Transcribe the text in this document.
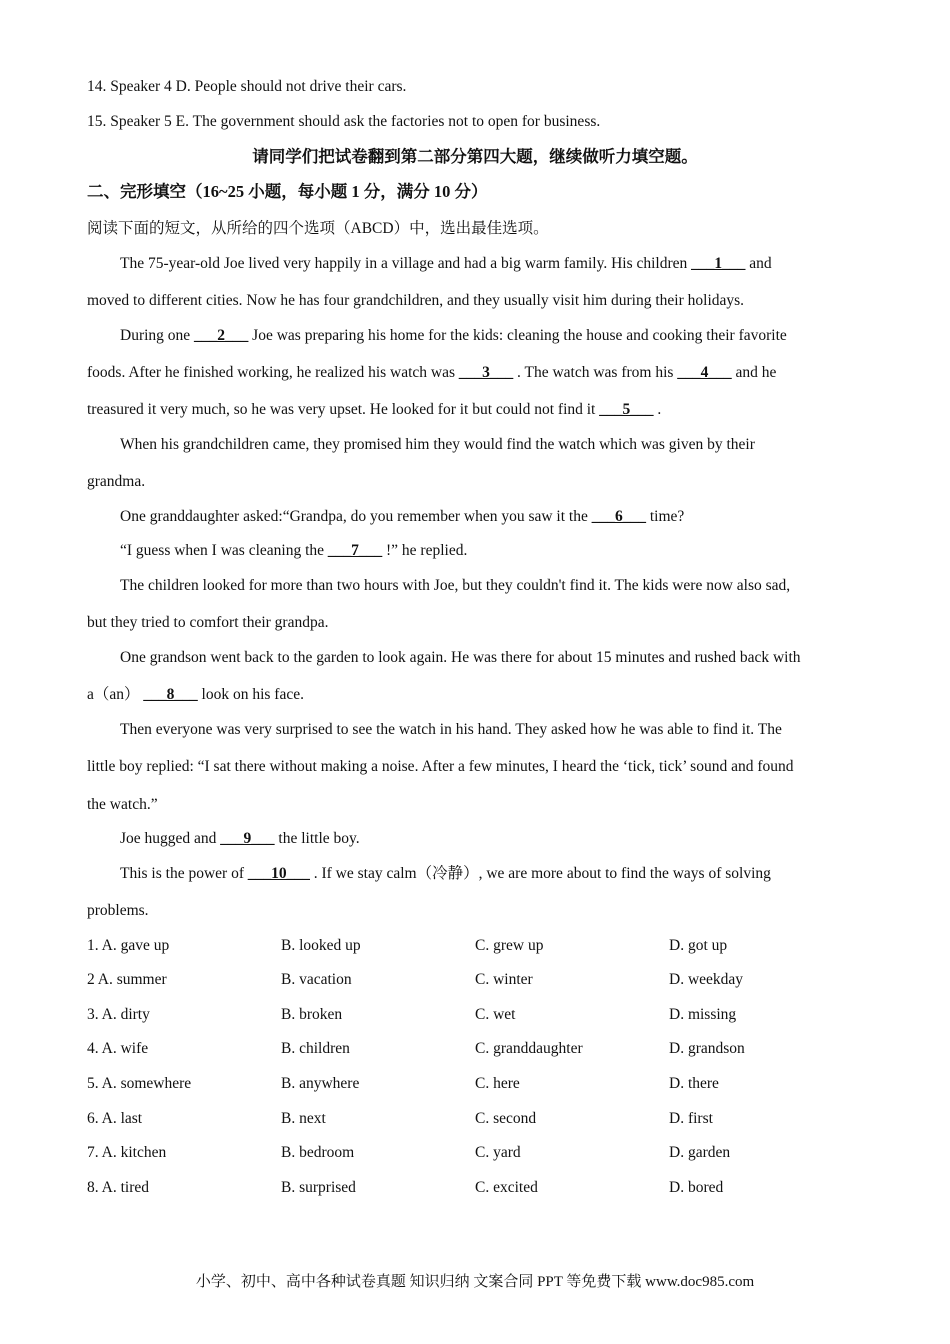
14. Speaker 4 D. People should not drive their cars.
15. Speaker 5 E. The government should ask the factories not to open for business.
请同学们把试卷翻到第二部分第四大题，继续做听力填空题。
二、完形填空（16~25 小题，每小题 1 分，满分 10 分）
阅读下面的短文，从所给的四个选项（ABCD）中，选出最佳选项。
The 75-year-old Joe lived very happily in a village and had a big warm family. His children ___1___ and
moved to different cities. Now he has four grandchildren, and they usually visit him during their holidays.
During one ___2___ Joe was preparing his home for the kids: cleaning the house and cooking their favorite
foods. After he finished working, he realized his watch was ___3___ . The watch was from his ___4___ and he
treasured it very much, so he was very upset. He looked for it but could not find it ___5___ .
When his grandchildren came, they promised him they would find the watch which was given by their
grandma.
One granddaughter asked:“Grandpa, do you remember when you saw it the ___6___ time?
“I guess when I was cleaning the ___7___ !” he replied.
The children looked for more than two hours with Joe, but they couldn't find it. The kids were now also sad,
but they tried to comfort their grandpa.
One grandson went back to the garden to look again. He was there for about 15 minutes and rushed back with
a（an） ___8___ look on his face.
Then everyone was very surprised to see the watch in his hand. They asked how he was able to find it. The
little boy replied: “I sat there without making a noise. After a few minutes, I heard the ‘tick, tick’ sound and found
the watch.”
Joe hugged and ___9___ the little boy.
This is the power of ___10___ . If we stay calm（冷静）, we are more about to find the ways of solving
problems.
1. A. gave up	B. looked up	C. grew up	D. got up
2 A. summer	B. vacation	C. winter	D. weekday
3. A. dirty	B. broken	C. wet	D. missing
4. A. wife	B. children	C. granddaughter	D. grandson
5. A. somewhere	B. anywhere	C. here	D. there
6. A. last	B. next	C. second	D. first
7. A. kitchen	B. bedroom	C. yard	D. garden
8. A. tired	B. surprised	C. excited	D. bored
小学、初中、高中各种试卷真题 知识归纳 文案合同 PPT 等免费下载 www.doc985.com
